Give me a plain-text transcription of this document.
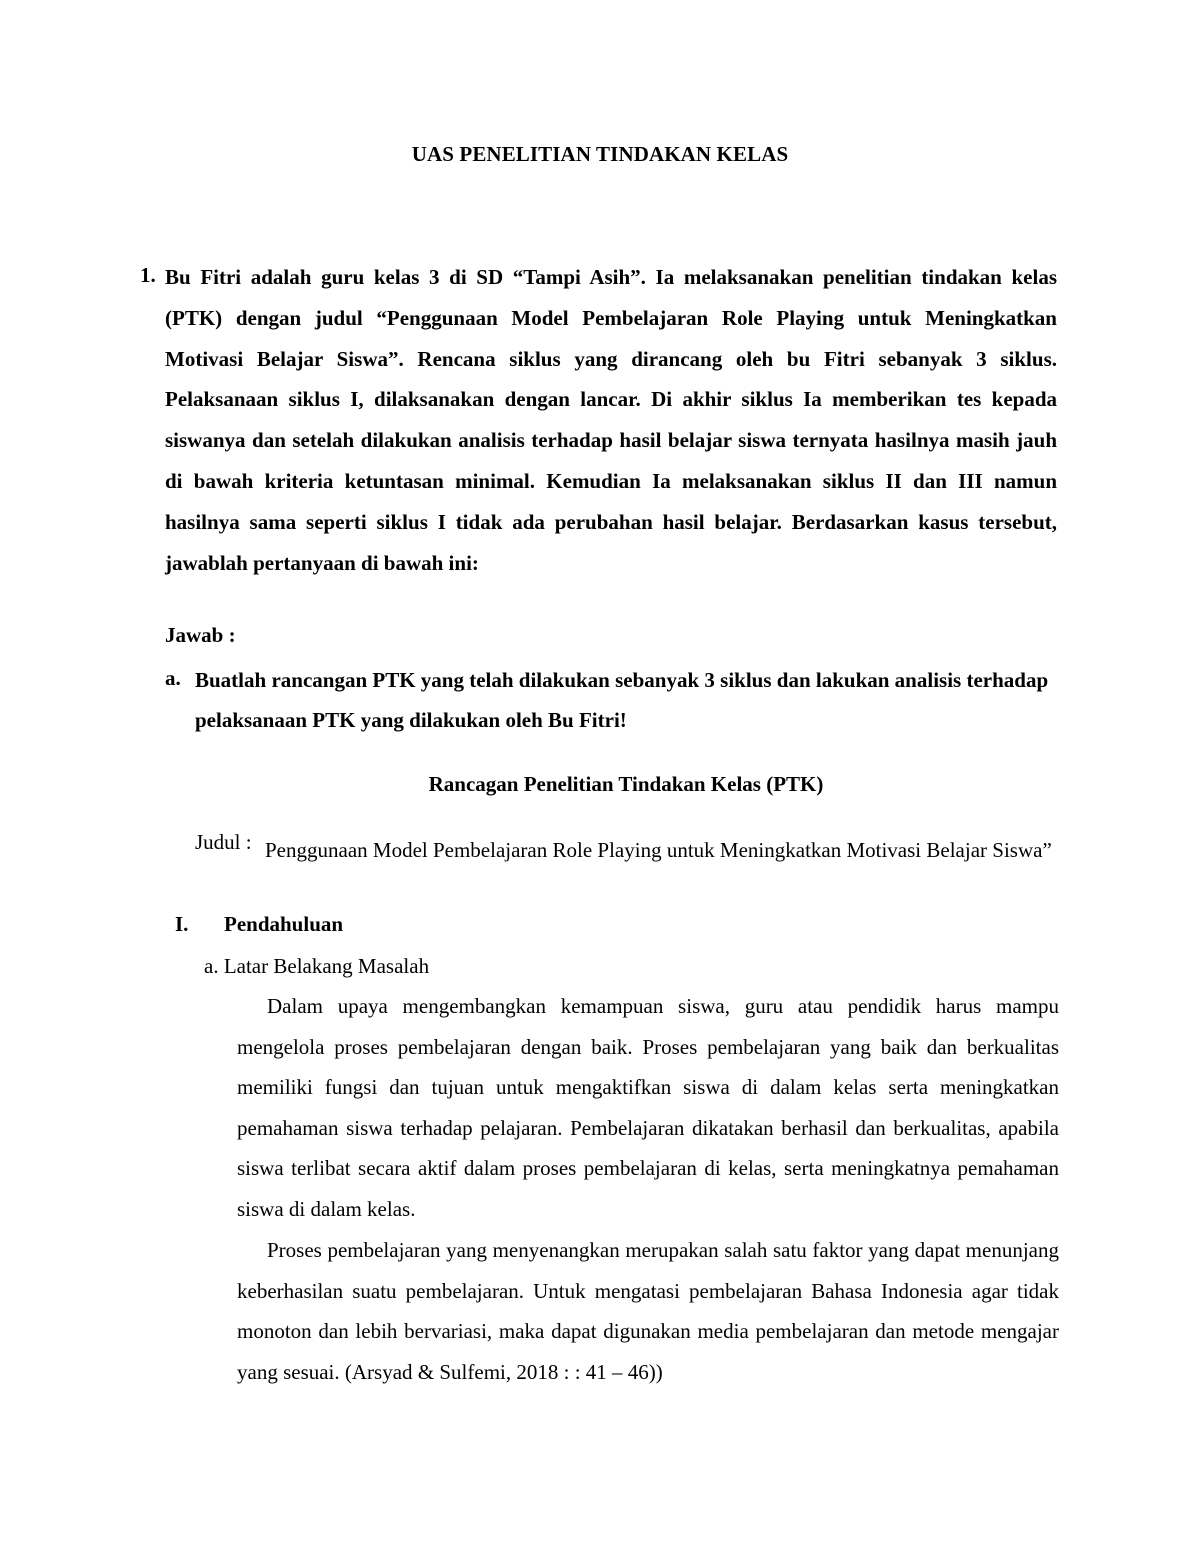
UAS PENELITIAN TINDAKAN KELAS
1. Bu Fitri adalah guru kelas 3 di SD “Tampi Asih”. Ia melaksanakan penelitian tindakan kelas (PTK) dengan judul “Penggunaan Model Pembelajaran Role Playing untuk Meningkatkan Motivasi Belajar Siswa”. Rencana siklus yang dirancang oleh bu Fitri sebanyak 3 siklus. Pelaksanaan siklus I, dilaksanakan dengan lancar. Di akhir siklus Ia memberikan tes kepada siswanya dan setelah dilakukan analisis terhadap hasil belajar siswa ternyata hasilnya masih jauh di bawah kriteria ketuntasan minimal. Kemudian Ia melaksanakan siklus II dan III namun hasilnya sama seperti siklus I tidak ada perubahan hasil belajar. Berdasarkan kasus tersebut, jawablah pertanyaan di bawah ini:
Jawab :
a. Buatlah rancangan PTK yang telah dilakukan sebanyak 3 siklus dan lakukan analisis terhadap pelaksanaan PTK yang dilakukan oleh Bu Fitri!
Rancagan Penelitian Tindakan Kelas (PTK)
Judul : Penggunaan Model Pembelajaran Role Playing untuk Meningkatkan Motivasi Belajar Siswa”
I. Pendahuluan
a. Latar Belakang Masalah

Dalam upaya mengembangkan kemampuan siswa, guru atau pendidik harus mampu mengelola proses pembelajaran dengan baik. Proses pembelajaran yang baik dan berkualitas memiliki fungsi dan tujuan untuk mengaktifkan siswa di dalam kelas serta meningkatkan pemahaman siswa terhadap pelajaran. Pembelajaran dikatakan berhasil dan berkualitas, apabila siswa terlibat secara aktif dalam proses pembelajaran di kelas, serta meningkatnya pemahaman siswa di dalam kelas.

Proses pembelajaran yang menyenangkan merupakan salah satu faktor yang dapat menunjang keberhasilan suatu pembelajaran. Untuk mengatasi pembelajaran Bahasa Indonesia agar tidak monoton dan lebih bervariasi, maka dapat digunakan media pembelajaran dan metode mengajar yang sesuai. (Arsyad & Sulfemi, 2018 : : 41 – 46))
